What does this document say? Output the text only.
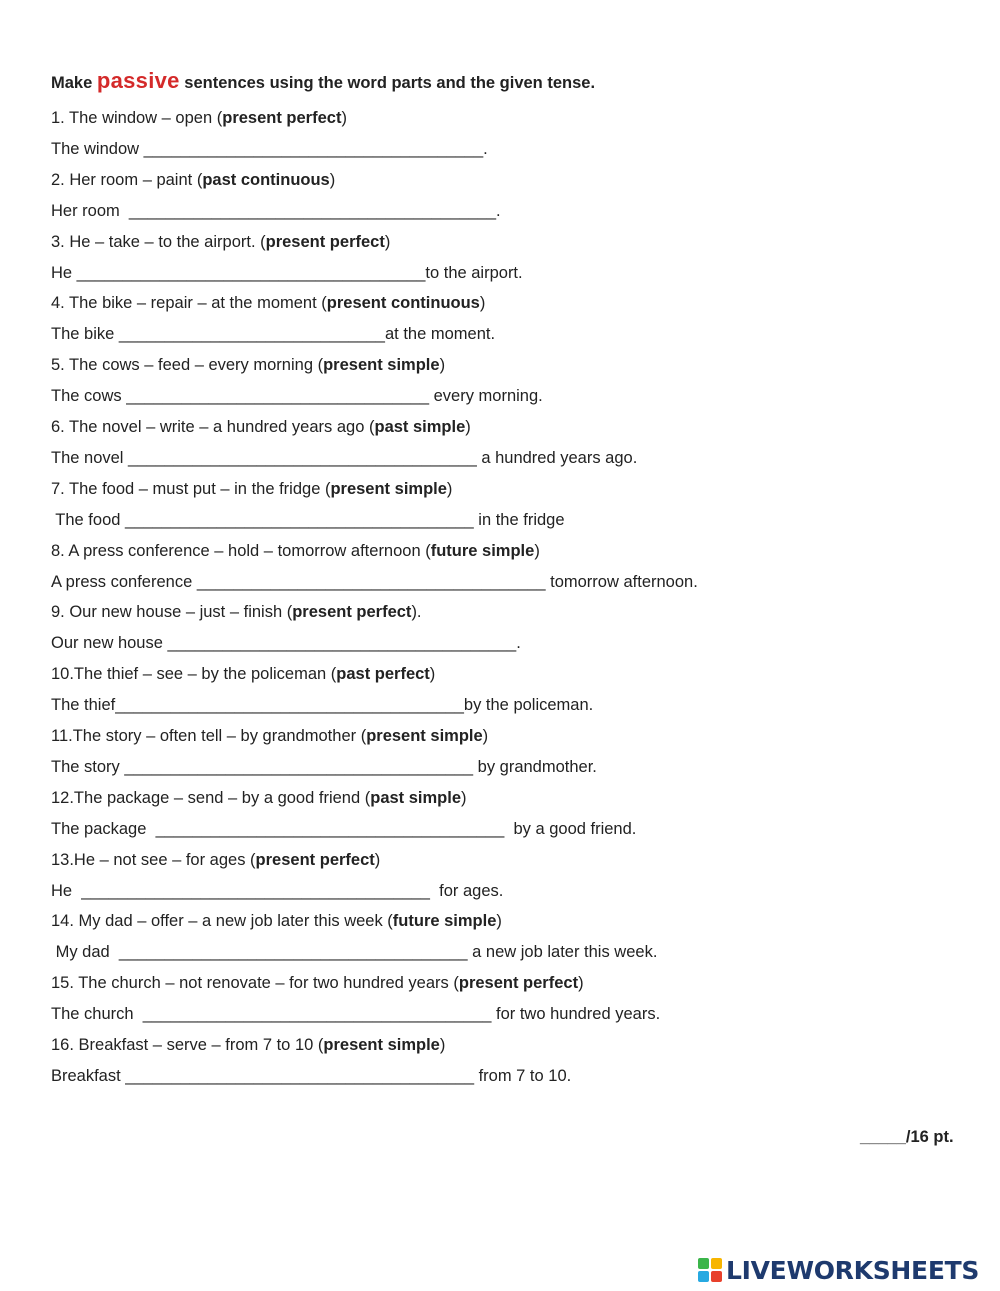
Make passive sentences using the word parts and the given tense.
1. The window – open (present perfect)
The window _____________________________________.
2. Her room – paint (past continuous)
Her room  ________________________________________.
3. He – take – to the airport. (present perfect)
He ______________________________________to the airport.
4. The bike – repair – at the moment (present continuous)
The bike _____________________________at the moment.
5. The cows – feed – every morning (present simple)
The cows _________________________________ every morning.
6. The novel – write – a hundred years ago (past simple)
The novel ______________________________________ a hundred years ago.
7. The food – must put – in the fridge (present simple)
The food ______________________________________ in the fridge
8. A press conference – hold – tomorrow afternoon (future simple)
A press conference ______________________________________ tomorrow afternoon.
9. Our new house – just – finish (present perfect).
Our new house ______________________________________.
10.The thief – see – by the policeman (past perfect)
The thief______________________________________by the policeman.
11.The story – often tell – by grandmother (present simple)
The story ______________________________________ by grandmother.
12.The package – send – by a good friend (past simple)
The package  ______________________________________  by a good friend.
13.He – not see – for ages (present perfect)
He  ______________________________________  for ages.
14. My dad – offer – a new job later this week (future simple)
My dad  ______________________________________ a new job later this week.
15. The church – not renovate – for two hundred years (present perfect)
The church  ______________________________________ for two hundred years.
16. Breakfast – serve – from 7 to 10 (present simple)
Breakfast ______________________________________ from 7 to 10.
_____/16 pt.
LIVEWORKSHEETS
